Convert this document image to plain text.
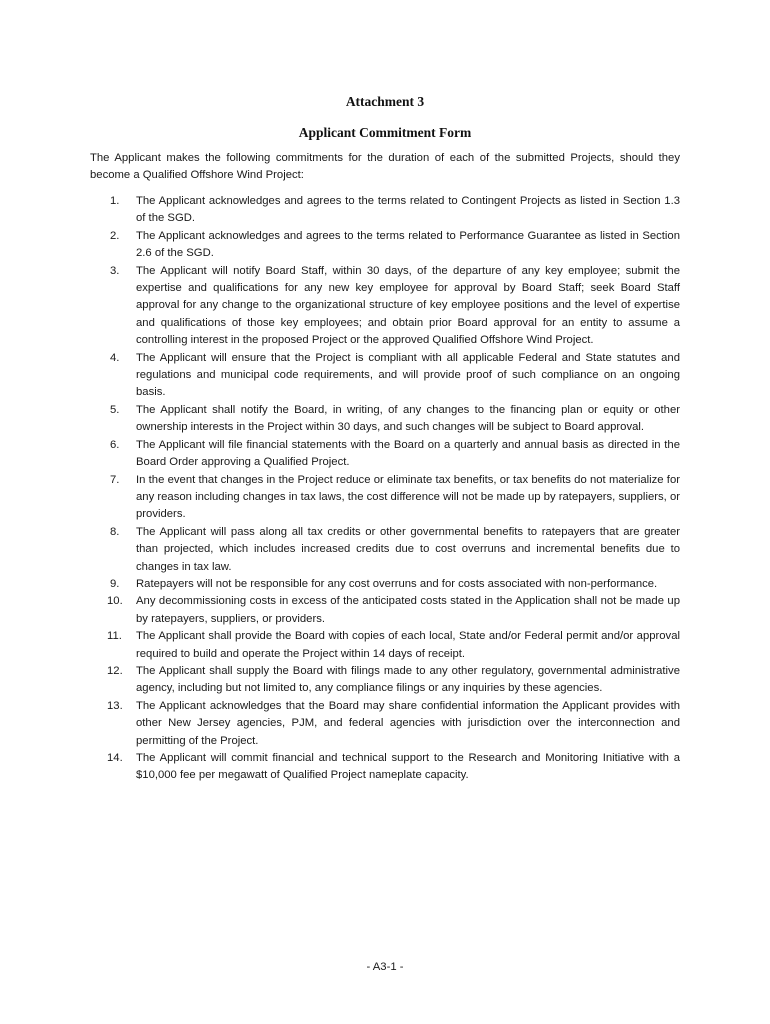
Attachment 3
Applicant Commitment Form

The Applicant makes the following commitments for the duration of each of the submitted Projects, should they become a Qualified Offshore Wind Project:

1.	The Applicant acknowledges and agrees to the terms related to Contingent Projects as listed in Section 1.3 of the SGD.
2.	The Applicant acknowledges and agrees to the terms related to Performance Guarantee as listed in Section 2.6 of the SGD.
3.	The Applicant will notify Board Staff, within 30 days, of the departure of any key employee; submit the expertise and qualifications for any new key employee for approval by Board Staff; seek Board Staff approval for any change to the organizational structure of key employee positions and the level of expertise and qualifications of those key employees; and obtain prior Board approval for an entity to assume a controlling interest in the proposed Project or the approved Qualified Offshore Wind Project.
4.	The Applicant will ensure that the Project is compliant with all applicable Federal and State statutes and regulations and municipal code requirements, and will provide proof of such compliance on an ongoing basis.
5.	The Applicant shall notify the Board, in writing, of any changes to the financing plan or equity or other ownership interests in the Project within 30 days, and such changes will be subject to Board approval.
6.	The Applicant will file financial statements with the Board on a quarterly and annual basis as directed in the Board Order approving a Qualified Project.
7.	In the event that changes in the Project reduce or eliminate tax benefits, or tax benefits do not materialize for any reason including changes in tax laws, the cost difference will not be made up by ratepayers, suppliers, or providers.
8.	The Applicant will pass along all tax credits or other governmental benefits to ratepayers that are greater than projected, which includes increased credits due to cost overruns and incremental benefits due to changes in tax law.
9.	Ratepayers will not be responsible for any cost overruns and for costs associated with non-performance.
10.	Any decommissioning costs in excess of the anticipated costs stated in the Application shall not be made up by ratepayers, suppliers, or providers.
11.	The Applicant shall provide the Board with copies of each local, State and/or Federal permit and/or approval required to build and operate the Project within 14 days of receipt.
12.	The Applicant shall supply the Board with filings made to any other regulatory, governmental administrative agency, including but not limited to, any compliance filings or any inquiries by these agencies.
13.	The Applicant acknowledges that the Board may share confidential information the Applicant provides with other New Jersey agencies, PJM, and federal agencies with jurisdiction over the interconnection and permitting of the Project.
14.	The Applicant will commit financial and technical support to the Research and Monitoring Initiative with a $10,000 fee per megawatt of Qualified Project nameplate capacity.
- A3-1 -
